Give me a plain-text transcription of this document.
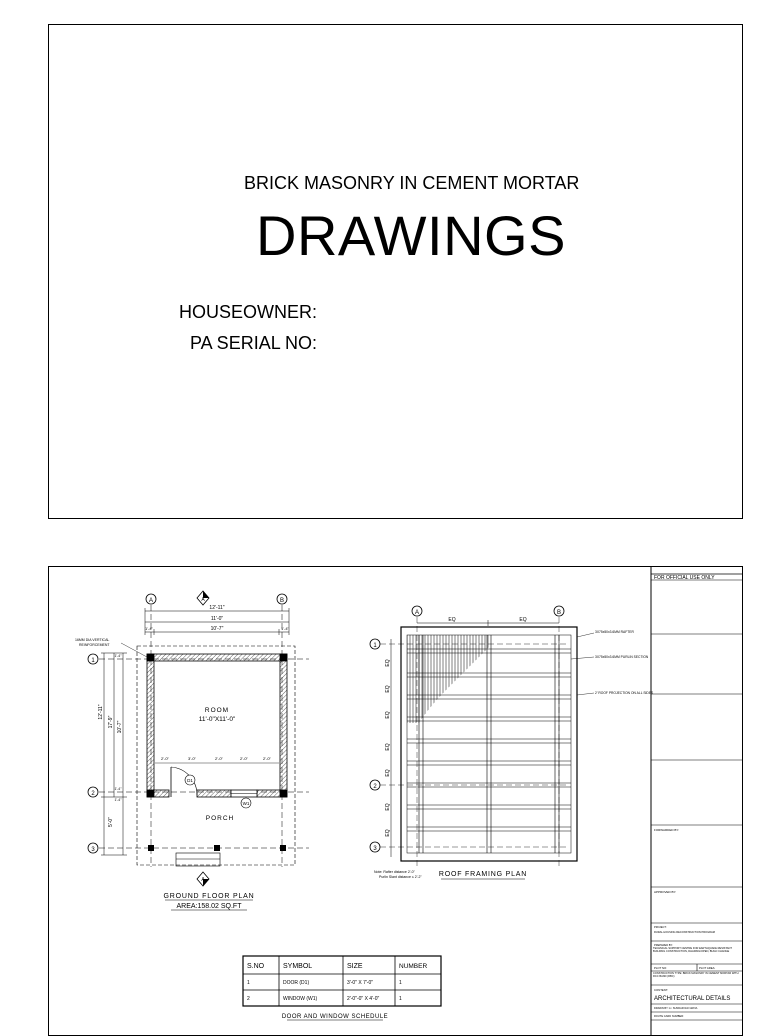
BRICK MASONRY IN CEMENT MORTAR
DRAWINGS
HOUSEOWNER:
PA SERIAL NO:
A	B
A
12'-11"
11'-0"
10'-7"
1'-4"	1'-4"
16MM DIA VERTICAL
REINFORCEMENT
1
2
3
12'-11"
17'-9" 10'-7"
5'-0"
1'-4"
1'-4"
1'-4"
D1
W1
2'-0"	3'-0"	2'-0"	2'-0"	2'-0"
ROOM
11'-0"X11'-0"
PORCH
A
GROUND FLOOR PLAN
AREA:158.02 SQ.FT
A	B
EQ	EQ
1
2
3
EQ
EQ
EQ
EQ
EQ
EQ
EQ
3X75x50x3.6MM RAFTER
3X75x50x3.6MM PURLIN SECTION
2' ROOF PROJECTION ON ALL SIDES
Note: Rafter distance 2'-0"
Purlin Slant distance ≤ 2'-2" ROOF FRAMING PLAN
S.NO	SYMBOL	SIZE	NUMBER
1	DOOR (D1)	3'-0" X 7'-0"	1
2	WINDOW (W1)	2'-0"-0" X 4'-0"	1
DOOR AND WINDOW SCHEDULE
FOR OFFICIAL USE ONLY
FORWARDED BY:
APPROVED BY:
PROJECT:
RURAL HOUSING RECONSTRUCTION PROGRAM
PREPARED BY:
TECHNICAL SUPPORT CENTRE FOR EARTHQUAKE RESISTANT BUILDING CONSTRUCTION, DHADING/OPEN, BUILD CHANGE
PLOT NO:	PLOT AREA:
CONSTRUCTION TYPE: BRICK MASONRY IN CEMENT MORTAR WITH RCC BAND (RBC)
CONTENT:
ARCHITECTURAL DETAILS
DRAWN BY: LI. SUNDAR RAI GRIVA
ROUTE CARD NUMBER:
